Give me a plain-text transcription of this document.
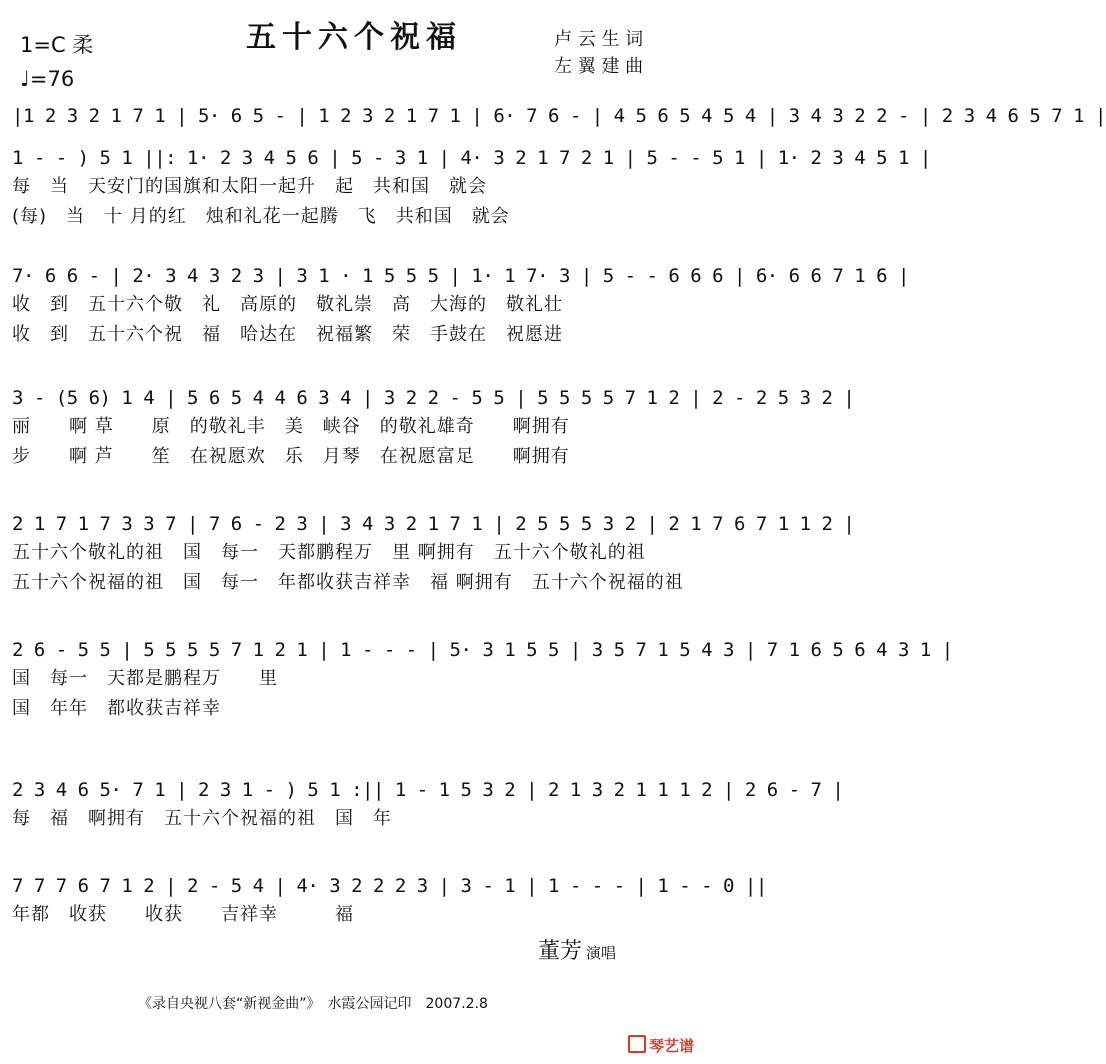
五十六个祝福
1=C 柔
♩=76
卢 云 生 词
左 翼 建 曲
|1 2 3 2 1 7 1 | 5· 6 5 - | 1 2 3 2 1 7 1 | 6· 7 6 - | 4 5 6 5 4 5 4 | 3 4 3 2 2 - | 2 3 4 6 5 7 1 |
1 - - ) 5 1 ||: 1· 2 3 4 5 6 | 5 - 3 1 | 4· 3 2 1 7 2 1 | 5 - - 5 1 | 1· 2 3 4 5 1 |
每　当　天安门的国旗和太阳一起升　起　共和国　就会
(每)　当　十 月的红　烛和礼花一起腾　飞　共和国　就会
7· 6 6 - | 2· 3 4 3 2 3 | 3 1 · 1 5 5 5 | 1· 1 7· 3 | 5 - - 6 6 6 | 6· 6 6 7 1 6 |
收　到　五十六个敬　礼　高原的　敬礼崇　高　大海的　敬礼壮
收　到　五十六个祝　福　哈达在　祝福繁　荣　手鼓在　祝愿进
3 - (5 6) 1 4 | 5 6 5 4 4 6 3 4 | 3 2 2 - 5 5 | 5 5 5 5 7 1 2 | 2 - 2 5 3 2 |
丽　　啊 草　　原　的敬礼丰　美　峡谷　的敬礼雄奇　　啊拥有
步　　啊 芦　　笙　在祝愿欢　乐　月琴　在祝愿富足　　啊拥有
2 1 7 1 7 3 3 7 | 7 6 - 2 3 | 3 4 3 2 1 7 1 | 2 5 5 5 3 2 | 2 1 7 6 7 1 1 2 |
五十六个敬礼的祖　国　每一　天都鹏程万　里 啊拥有　五十六个敬礼的祖
五十六个祝福的祖　国　每一　年都收获吉祥幸　福 啊拥有　五十六个祝福的祖
2 6 - 5 5 | 5 5 5 5 7 1 2 1 | 1 - - - | 5· 3 1 5 5 | 3 5 7 1 5 4 3 | 7 1 6 5 6 4 3 1 |
国　每一　天都是鹏程万　　里
国　年年　都收获吉祥幸
2 3 4 6 5· 7 1 | 2 3 1 - ) 5 1 :|| 1 - 1 5 3 2 | 2 1 3 2 1 1 1 2 | 2 6 - 7 |
每　福　啊拥有　五十六个祝福的祖　国　年
7 7 7 6 7 1 2 | 2 - 5 4 | 4· 3 2 2 2 3 | 3 - 1 | 1 - - - | 1 - - 0 ||
年都　收获　　收获　　吉祥幸　　　福
董芳 演唱
《录自央视八套“新视金曲”》　水霞公园记印　2007.2.8
琴艺谱
